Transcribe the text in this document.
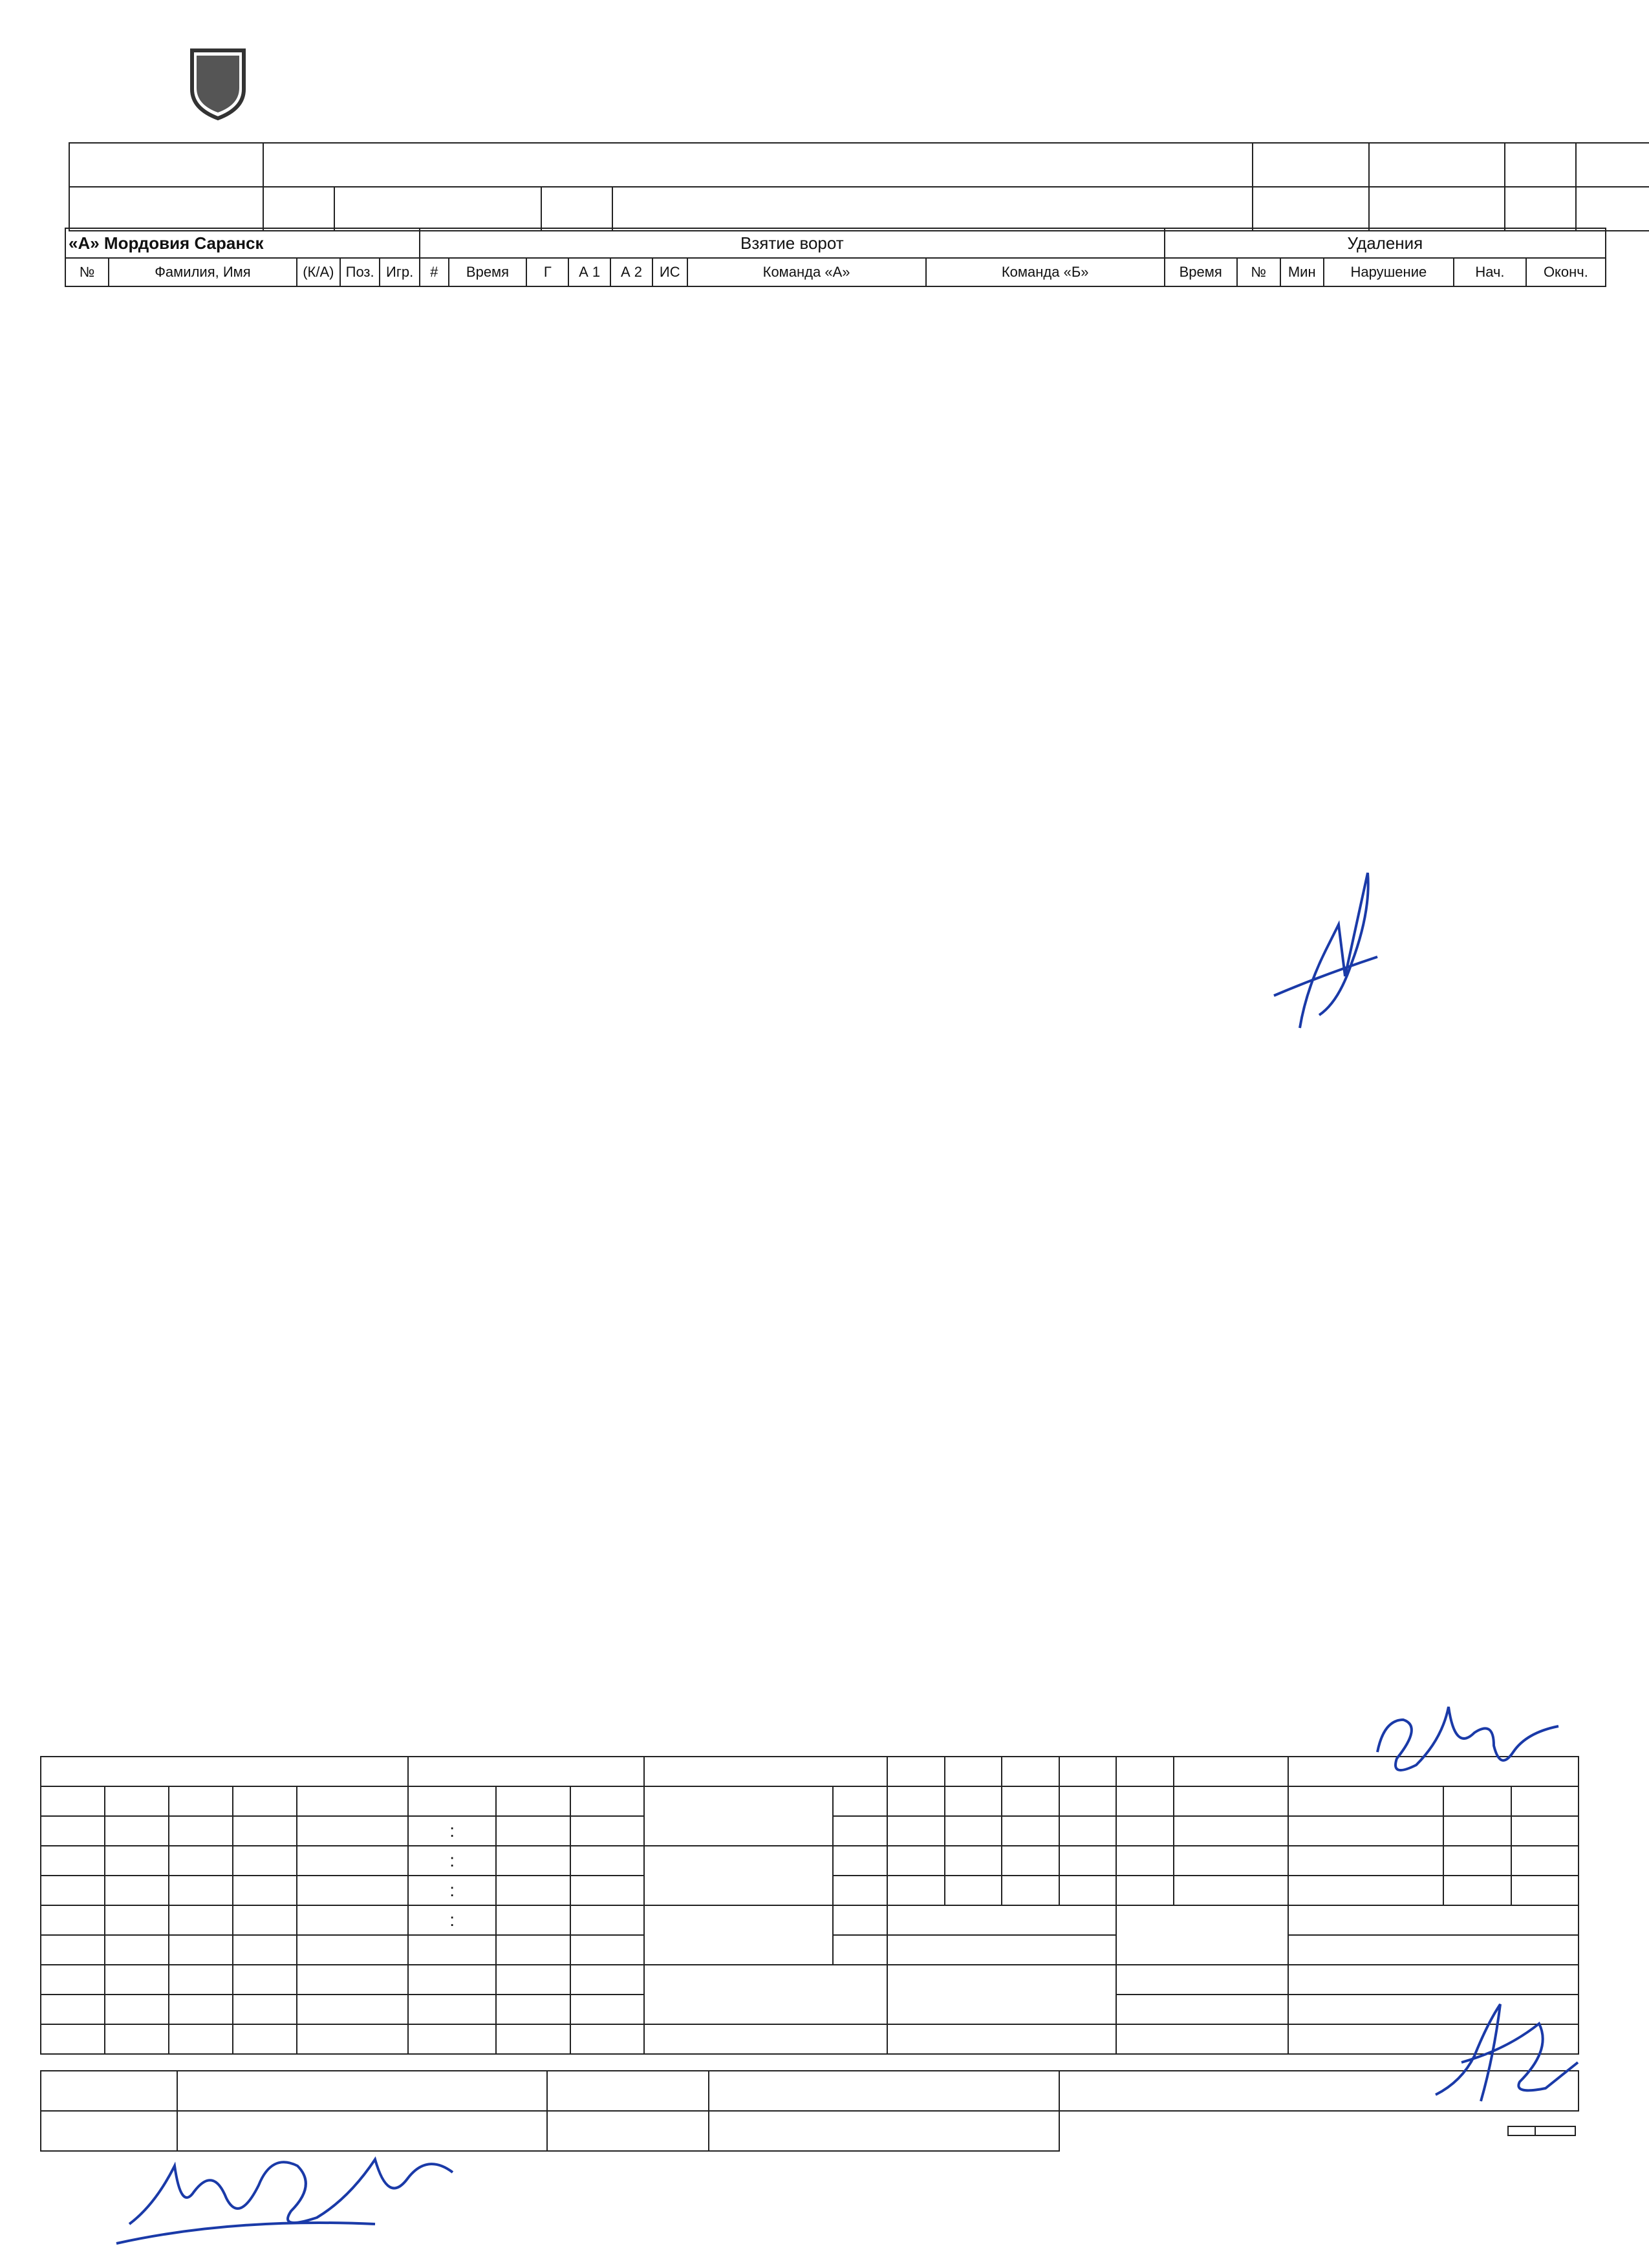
«А» Мордовия Саранск					Взятие ворот								Удаления					
№	Фамилия, Имя	(К/А)	Поз.	Игр.	#	Время	Г	А 1	А 2	ИС	Команда «А»	Команда «Б»	Время	№	Мин	Нарушение	Нач.	Оконч.

					:													
					:													
					:													
					:													
